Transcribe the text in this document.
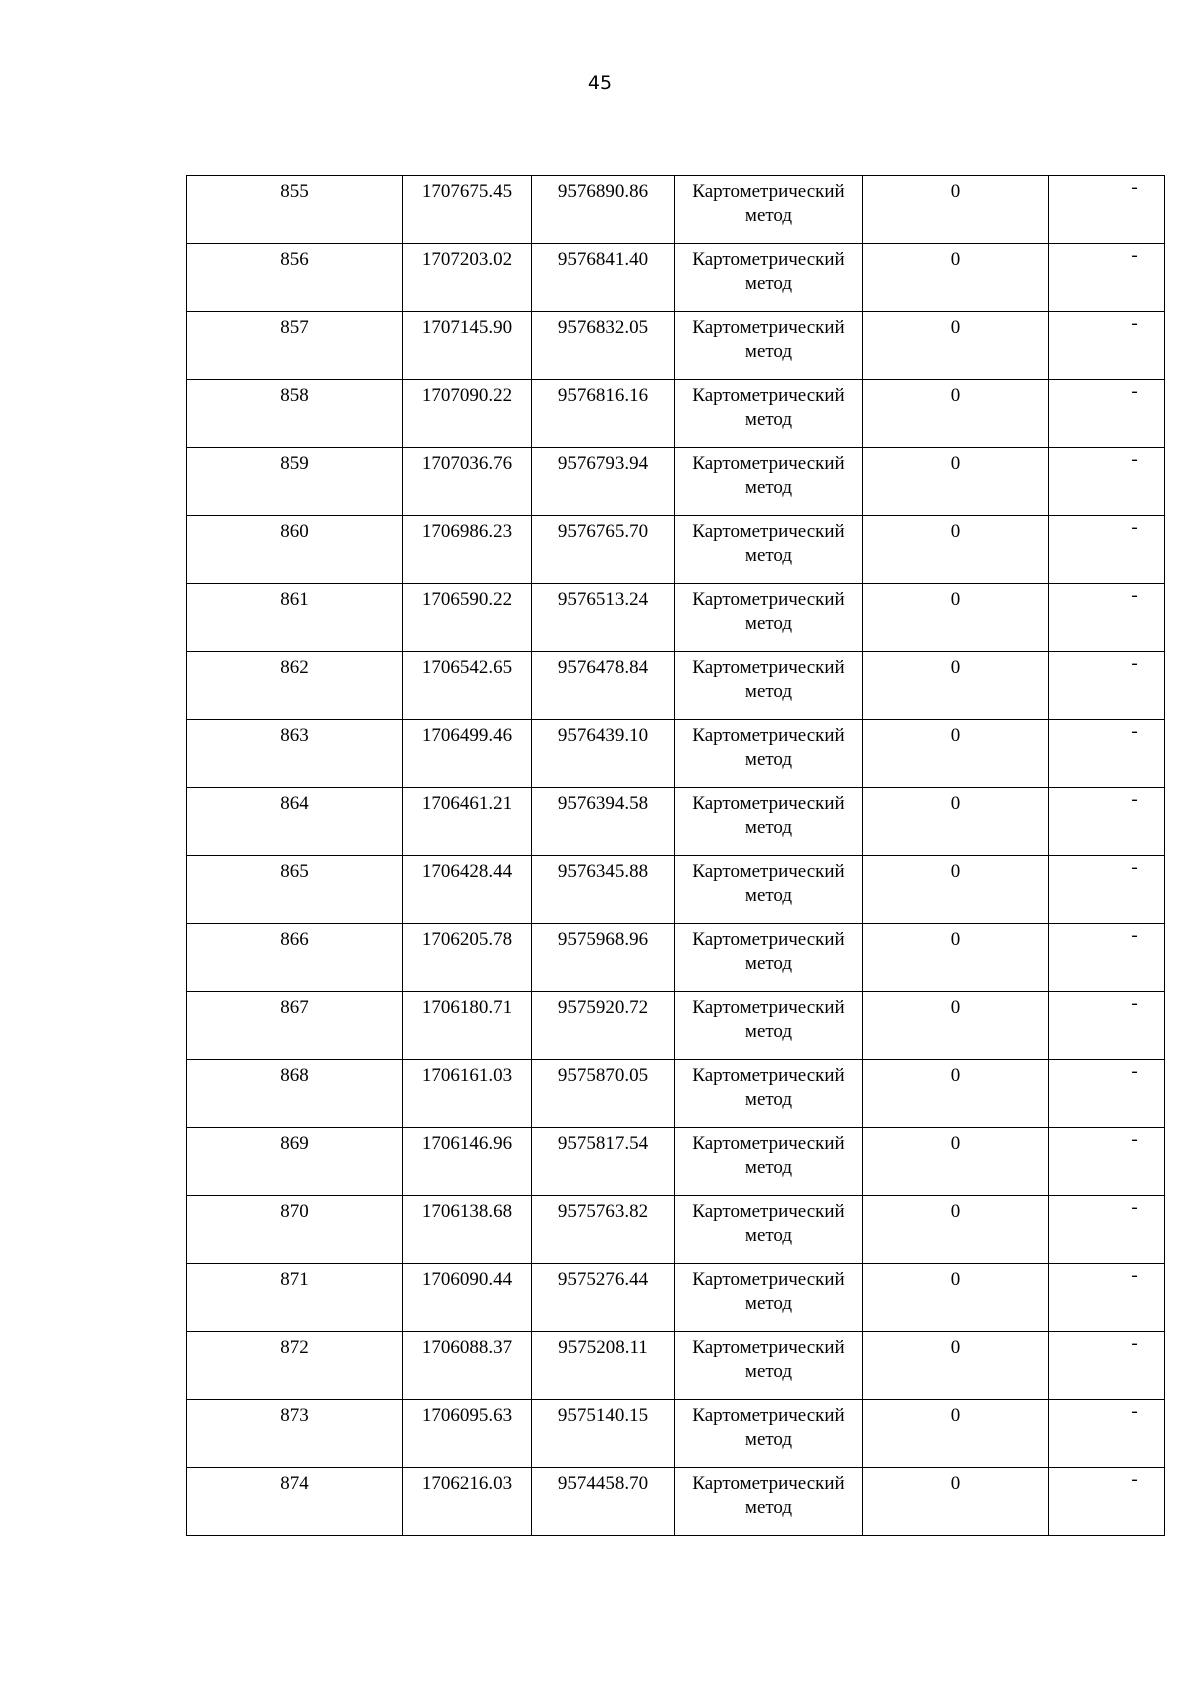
45
855	1707675.45	9576890.86	Картометрический
метод	0	-

856	1707203.02	9576841.40	Картометрический
метод	0	-

857	1707145.90	9576832.05	Картометрический
метод	0	-

858	1707090.22	9576816.16	Картометрический
метод	0	-

859	1707036.76	9576793.94	Картометрический
метод	0	-

860	1706986.23	9576765.70	Картометрический
метод	0	-

861	1706590.22	9576513.24	Картометрический
метод	0	-

862	1706542.65	9576478.84	Картометрический
метод	0	-

863	1706499.46	9576439.10	Картометрический
метод	0	-

864	1706461.21	9576394.58	Картометрический
метод	0	-

865	1706428.44	9576345.88	Картометрический
метод	0	-

866	1706205.78	9575968.96	Картометрический
метод	0	-

867	1706180.71	9575920.72	Картометрический
метод	0	-

868	1706161.03	9575870.05	Картометрический
метод	0	-

869	1706146.96	9575817.54	Картометрический
метод	0	-

870	1706138.68	9575763.82	Картометрический
метод	0	-

871	1706090.44	9575276.44	Картометрический
метод	0	-

872	1706088.37	9575208.11	Картометрический
метод	0	-

873	1706095.63	9575140.15	Картометрический
метод	0	-

874	1706216.03	9574458.70	Картометрический
метод	0	-
